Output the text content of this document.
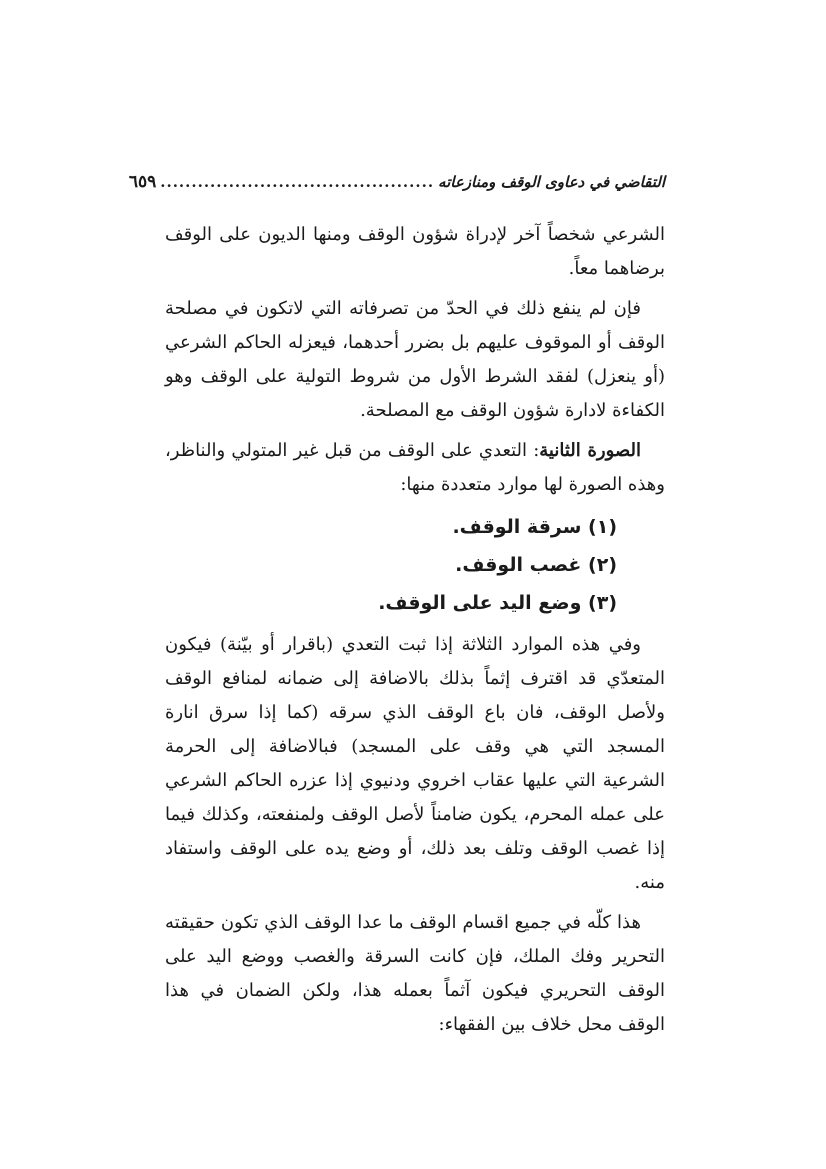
التقاضي في دعاوى الوقف ومنازعاته
............................................
٦٥٩

الشرعي شخصاً آخر لإدراة شؤون الوقف ومنها الديون على الوقف برضاهما معاً.

فإن لم ينفع ذلك في الحدّ من تصرفاته التي لاتكون في مصلحة الوقف أو الموقوف عليهم بل بضرر أحدهما، فيعزله الحاكم الشرعي (أو ينعزل) لفقد الشرط الأول من شروط التولية على الوقف وهو الكفاءة لادارة شؤون الوقف مع المصلحة.

الصورة الثانية: التعدي على الوقف من قبل غير المتولي والناظر، وهذه الصورة لها موارد متعددة منها:

(١) سرقة الوقف.
(٢) غصب الوقف.
(٣) وضع اليد على الوقف.

وفي هذه الموارد الثلاثة إذا ثبت التعدي (باقرار أو بيّنة) فيكون المتعدّي قد اقترف إثماً بذلك بالاضافة إلى ضمانه لمنافع الوقف ولأصل الوقف، فان باع الوقف الذي سرقه (كما إذا سرق انارة المسجد التي هي وقف على المسجد) فبالاضافة إلى الحرمة الشرعية التي عليها عقاب اخروي ودنيوي إذا عزره الحاكم الشرعي على عمله المحرم، يكون ضامناً لأصل الوقف ولمنفعته، وكذلك فيما إذا غصب الوقف وتلف بعد ذلك، أو وضع يده على الوقف واستفاد منه.

هذا كلّه في جميع اقسام الوقف ما عدا الوقف الذي تكون حقيقته التحرير وفك الملك، فإن كانت السرقة والغصب ووضع اليد على الوقف التحريري فيكون آثماً بعمله هذا، ولكن الضمان في هذا الوقف محل خلاف بين الفقهاء:
